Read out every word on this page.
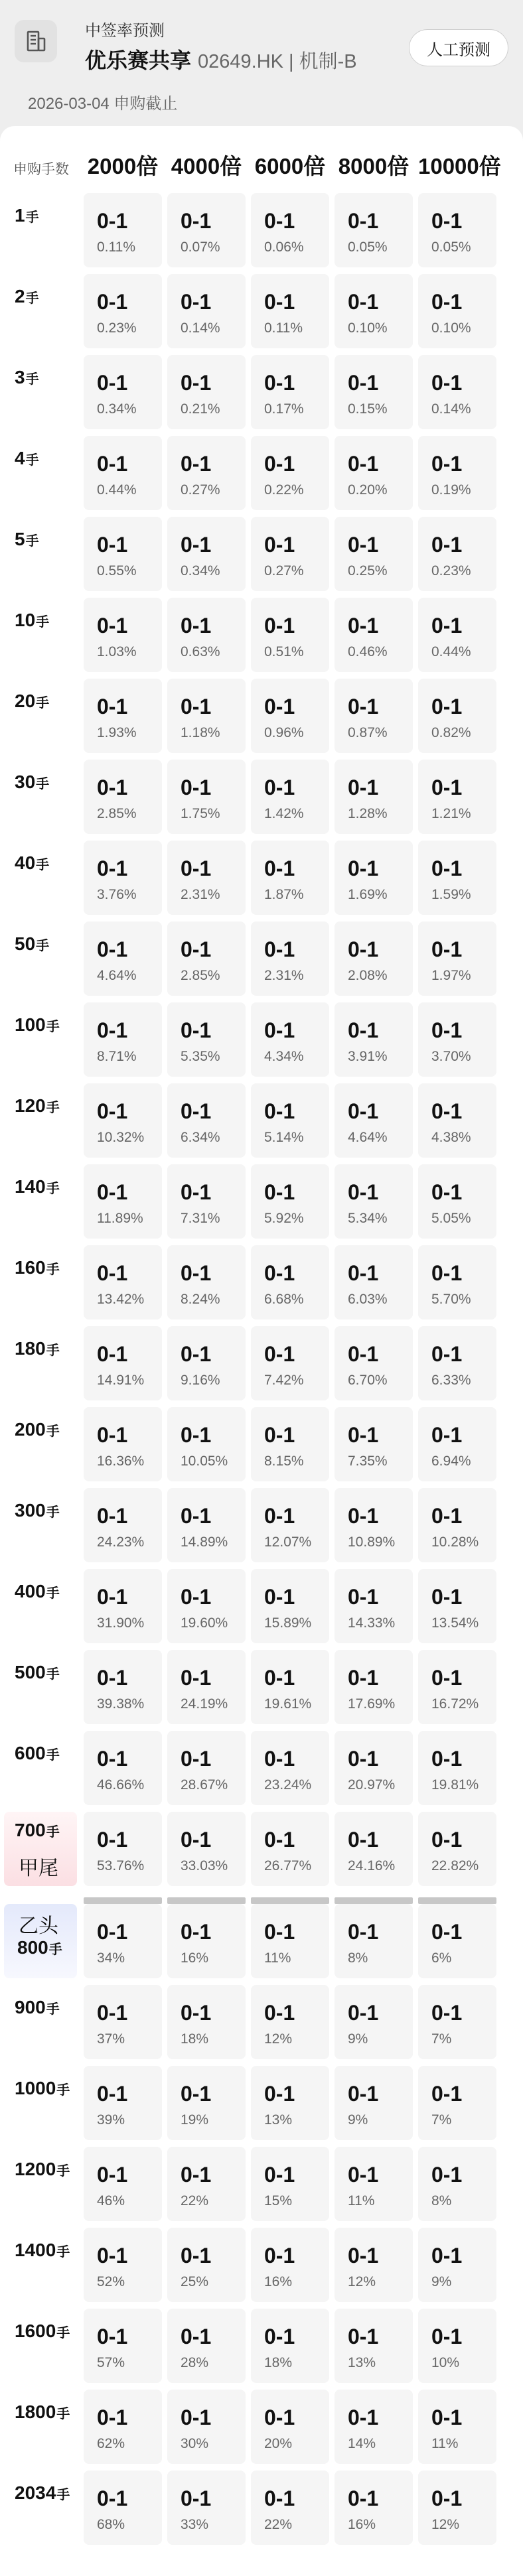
中签率预测
优乐赛共享 02649.HK | 机制-B
人工预测
2026-03-04 申购截止
申购手数 2000倍 4000倍 6000倍 8000倍 10000倍
1手	0-1
0.11%
0-1
0.07%
0-1
0.06%
0-1
0.05%
0-1
0.05%
2手	0-1
0.23%
0-1
0.14%
0-1
0.11%
0-1
0.10%
0-1
0.10%
3手	0-1
0.34%
0-1
0.21%
0-1
0.17%
0-1
0.15%
0-1
0.14%
4手	0-1
0.44%
0-1
0.27%
0-1
0.22%
0-1
0.20%
0-1
0.19%
5手	0-1
0.55%
0-1
0.34%
0-1
0.27%
0-1
0.25%
0-1
0.23%
10手 0-1
1.03%
0-1
0.63%
0-1
0.51%
0-1
0.46%
0-1
0.44%
20手 0-1
1.93%
0-1
1.18%
0-1
0.96%
0-1
0.87%
0-1
0.82%
30手 0-1
2.85%
0-1
1.75%
0-1
1.42%
0-1
1.28%
0-1
1.21%
40手 0-1
3.76%
0-1
2.31%
0-1
1.87%
0-1
1.69%
0-1
1.59%
50手 0-1
4.64%
0-1
2.85%
0-1
2.31%
0-1
2.08%
0-1
1.97%
100手 0-1
8.71%
0-1
5.35%
0-1
4.34%
0-1
3.91%
0-1
3.70%
120手 0-1
10.32%
0-1
6.34%
0-1
5.14%
0-1
4.64%
0-1
4.38%
140手 0-1
11.89%
0-1
7.31%
0-1
5.92%
0-1
5.34%
0-1
5.05%
160手 0-1
13.42%
0-1
8.24%
0-1
6.68%
0-1
6.03%
0-1
5.70%
180手 0-1
14.91%
0-1
9.16%
0-1
7.42%
0-1
6.70%
0-1
6.33%
200手 0-1
16.36%
0-1
10.05%
0-1
8.15%
0-1
7.35%
0-1
6.94%
300手 0-1
24.23%
0-1
14.89%
0-1
12.07%
0-1
10.89%
0-1
10.28%
400手 0-1
31.90%
0-1
19.60%
0-1
15.89%
0-1
14.33%
0-1
13.54%
500手 0-1
39.38%
0-1
24.19%
0-1
19.61%
0-1
17.69%
0-1
16.72%
600手 0-1
46.66%
0-1
28.67%
0-1
23.24%
0-1
20.97%
0-1
19.81%
甲尾
700手 0-1
53.76%
0-1
33.03%
0-1
26.77%
0-1
24.16%
0-1
22.82%
乙头
800手
0-1
34%
0-1
16%
0-1
11%
0-1
8%
0-1
6%
900手 0-1
37%
0-1
18%
0-1
12%
0-1
9%
0-1
7%
1000手 0-1
39%
0-1
19%
0-1
13%
0-1
9%
0-1
7%
1200手 0-1
46%
0-1
22%
0-1
15%
0-1
11%
0-1
8%
1400手 0-1
52%
0-1
25%
0-1
16%
0-1
12%
0-1
9%
1600手 0-1
57%
0-1
28%
0-1
18%
0-1
13%
0-1
10%
1800手 0-1
62%
0-1
30%
0-1
20%
0-1
14%
0-1
11%
2034手 0-1
68%
0-1
33%
0-1
22%
0-1
16%
0-1
12%
